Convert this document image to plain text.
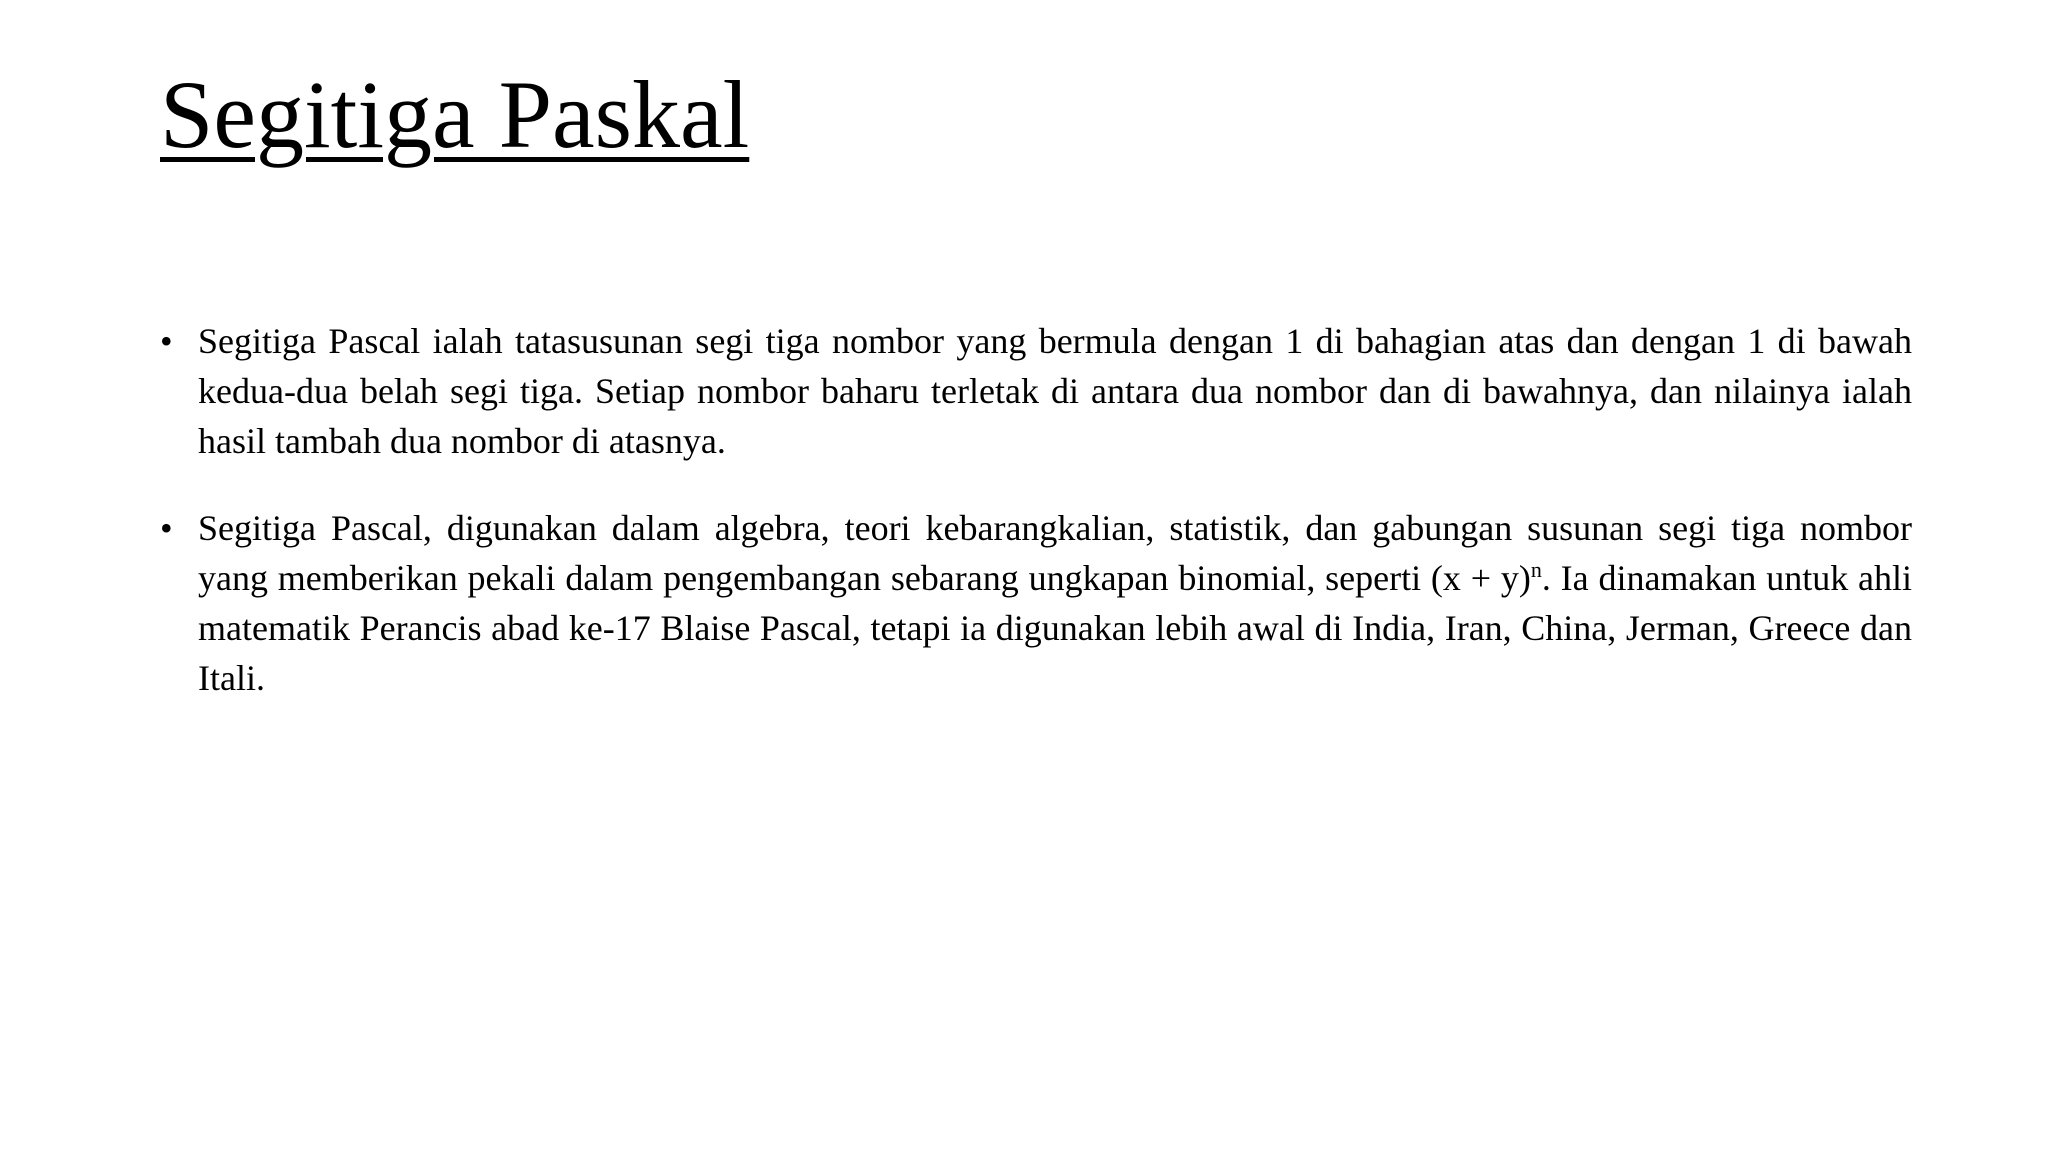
Segitiga Paskal
• Segitiga Pascal ialah tatasusunan segi tiga nombor yang bermula dengan 1 di bahagian atas dan dengan 1 di bawah kedua-dua belah segi tiga. Setiap nombor baharu terletak di antara dua nombor dan di bawahnya, dan nilainya ialah hasil tambah dua nombor di atasnya.
• Segitiga Pascal, digunakan dalam algebra, teori kebarangkalian, statistik, dan gabungan susunan segi tiga nombor yang memberikan pekali dalam pengembangan sebarang ungkapan binomial, seperti $(x + y)^n$. Ia dinamakan untuk ahli matematik Perancis abad ke-17 Blaise Pascal, tetapi ia digunakan lebih awal di India, Iran, China, Jerman, Greece dan Itali.
